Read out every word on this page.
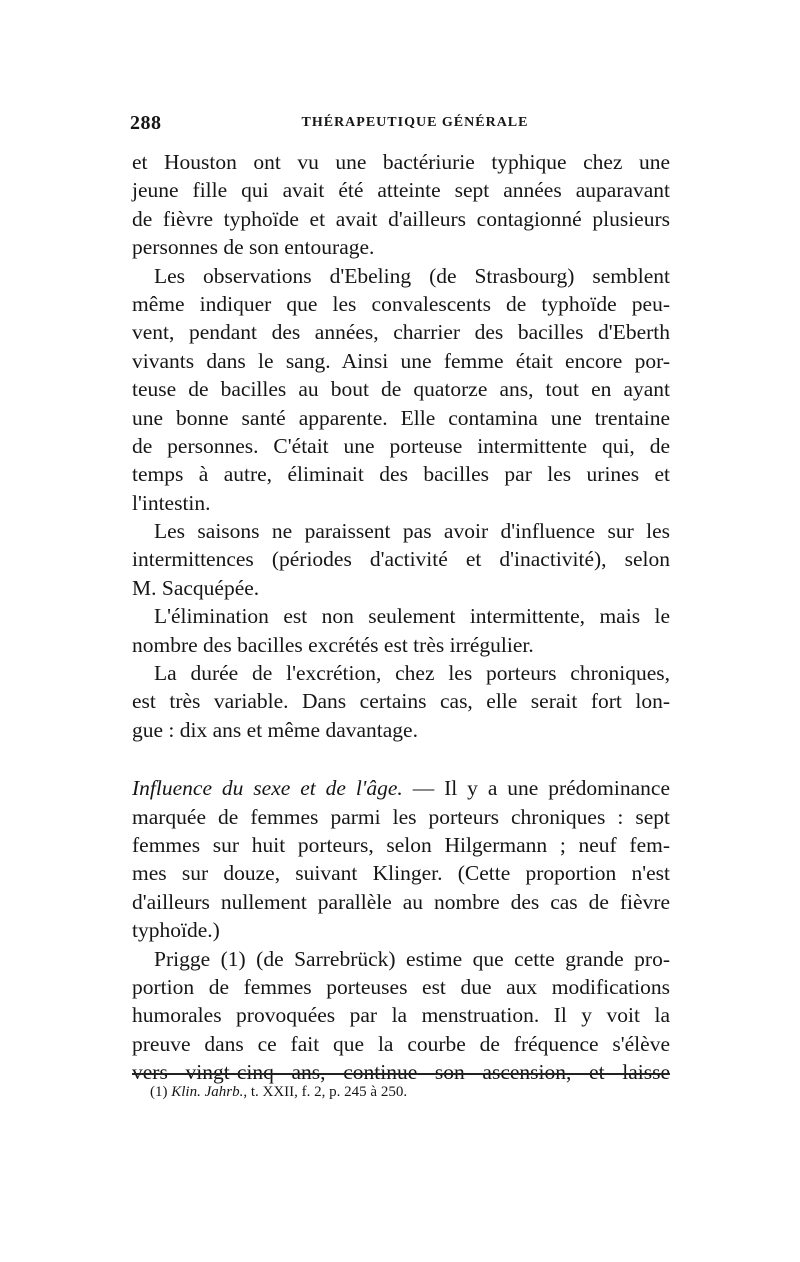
288	THÉRAPEUTIQUE GÉNÉRALE
et Houston ont vu une bactériurie typhique chez une
jeune fille qui avait été atteinte sept années auparavant
de fièvre typhoïde et avait d'ailleurs contagionné plusieurs
personnes de son entourage.
Les observations d'Ebeling (de Strasbourg) semblent
même indiquer que les convalescents de typhoïde peu-
vent, pendant des années, charrier des bacilles d'Eberth
vivants dans le sang. Ainsi une femme était encore por-
teuse de bacilles au bout de quatorze ans, tout en ayant
une bonne santé apparente. Elle contamina une trentaine
de personnes. C'était une porteuse intermittente qui, de
temps à autre, éliminait des bacilles par les urines et
l'intestin.
Les saisons ne paraissent pas avoir d'influence sur les
intermittences (périodes d'activité et d'inactivité), selon
M. Sacquépée.
L'élimination est non seulement intermittente, mais le
nombre des bacilles excrétés est très irrégulier.
La durée de l'excrétion, chez les porteurs chroniques,
est très variable. Dans certains cas, elle serait fort lon-
gue : dix ans et même davantage.
Influence du sexe et de l'âge. — Il y a une prédominance
marquée de femmes parmi les porteurs chroniques : sept
femmes sur huit porteurs, selon Hilgermann ; neuf fem-
mes sur douze, suivant Klinger. (Cette proportion n'est
d'ailleurs nullement parallèle au nombre des cas de fièvre
typhoïde.)
Prigge (1) (de Sarrebrück) estime que cette grande pro-
portion de femmes porteuses est due aux modifications
humorales provoquées par la menstruation. Il y voit la
preuve dans ce fait que la courbe de fréquence s'élève
vers vingt-cinq ans, continue son ascension, et laisse
(1) Klin. Jahrb., t. XXII, f. 2, p. 245 à 250.
